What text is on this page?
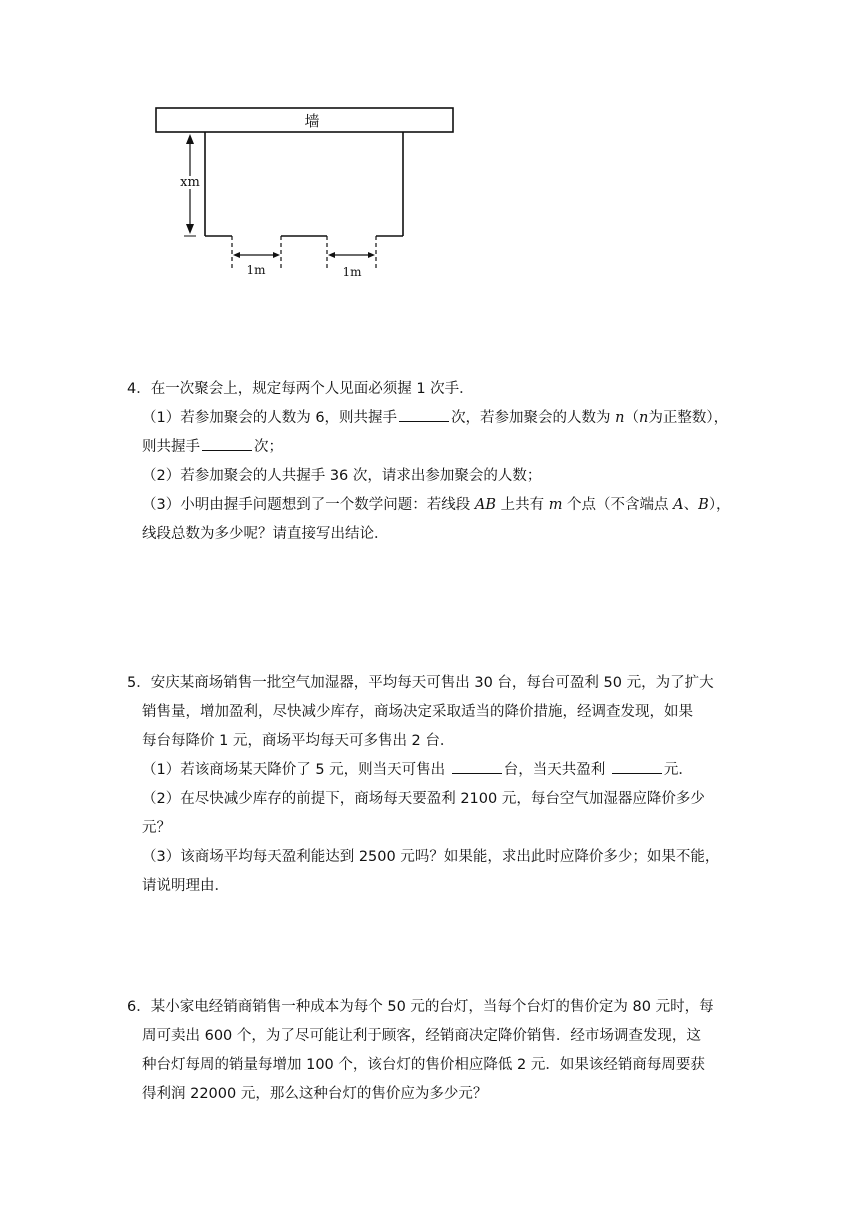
墙
1m	1m
xm

4．在一次聚会上，规定每两个人见面必须握 1 次手．

（1）若参加聚会的人数为 6，则共握手	次，若参加聚会的人数为 n（n为正整数），

则共握手	次；

（2）若参加聚会的人共握手 36 次，请求出参加聚会的人数；

（3）小明由握手问题想到了一个数学问题：若线段 AB 上共有 m 个点（不含端点 A、B），

线段总数为多少呢？请直接写出结论．

5．安庆某商场销售一批空气加湿器，平均每天可售出 30 台，每台可盈利 50 元，为了扩大

销售量，增加盈利，尽快减少库存，商场决定采取适当的降价措施，经调查发现，如果

每台每降价 1 元，商场平均每天可多售出 2 台．

（1）若该商场某天降价了 5 元，则当天可售出	台，当天共盈利	元．

（2）在尽快减少库存的前提下，商场每天要盈利 2100 元，每台空气加湿器应降价多少

元？

（3）该商场平均每天盈利能达到 2500 元吗？如果能，求出此时应降价多少；如果不能，

请说明理由．

6．某小家电经销商销售一种成本为每个 50 元的台灯，当每个台灯的售价定为 80 元时，每

周可卖出 600 个，为了尽可能让利于顾客，经销商决定降价销售．经市场调查发现，这

种台灯每周的销量每增加 100 个，该台灯的售价相应降低 2 元．如果该经销商每周要获

得利润 22000 元，那么这种台灯的售价应为多少元？
